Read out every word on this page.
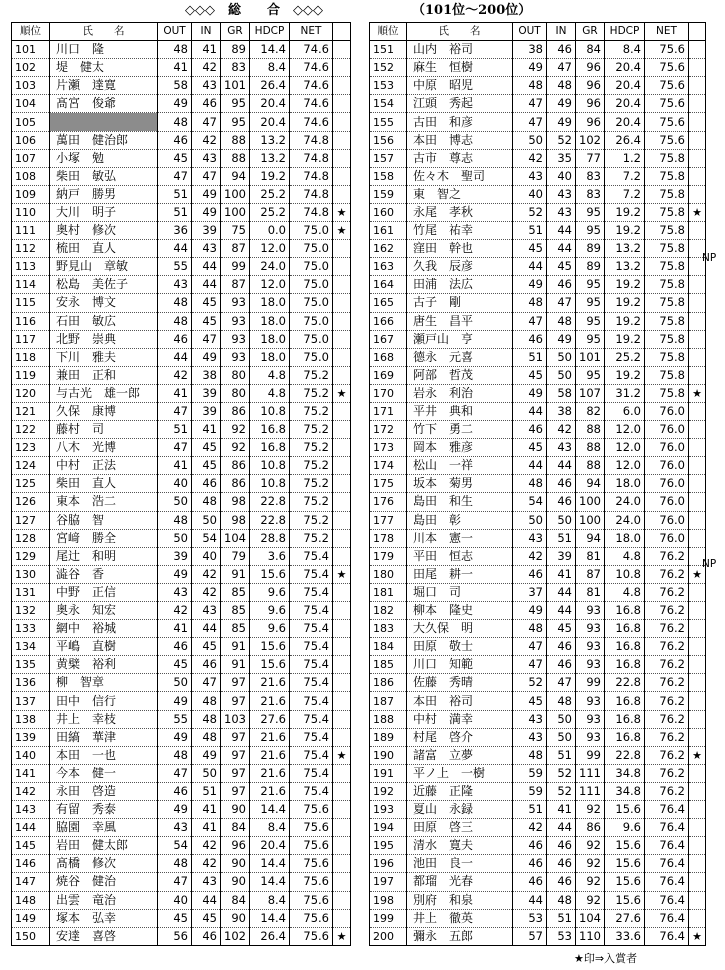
◇◇◇　総　　合　◇◇◇	（101位～200位）
順位	氏　　名	OUT	IN	GR	HDCP	NET	
101	川口　隆	48	41	89	14.4	74.6	
102	堤　健太	41	42	83	8.4	74.6	
103	片瀬　達寛	58	43	101	26.4	74.6	
104	髙宮　俊爺	49	46	95	20.4	74.6	
105		48	47	95	20.4	74.6	
106	萬田　健治郎	46	42	88	13.2	74.8	
107	小塚　勉	45	43	88	13.2	74.8	
108	柴田　敏弘	47	47	94	19.2	74.8	
109	納戸　勝男	51	49	100	25.2	74.8	
110	大川　明子	51	49	100	25.2	74.8	★
111	奥村　修次	36	39	75	0.0	75.0	★
112	梳田　直人	44	43	87	12.0	75.0	
113	野見山　章敏	55	44	99	24.0	75.0	
114	松島　美佐子	43	44	87	12.0	75.0	
115	安永　博文	48	45	93	18.0	75.0	
116	石田　敏広	48	45	93	18.0	75.0	
117	北野　崇典	46	47	93	18.0	75.0	
118	下川　雅夫	44	49	93	18.0	75.0	
119	兼田　正和	42	38	80	4.8	75.2	
120	与古光　雄一郎	41	39	80	4.8	75.2	★
121	久保　康博	47	39	86	10.8	75.2	
122	藤村　司	51	41	92	16.8	75.2	
123	八木　光博	47	45	92	16.8	75.2	
124	中村　正法	41	45	86	10.8	75.2	
125	柴田　直人	40	46	86	10.8	75.2	
126	東本　浩二	50	48	98	22.8	75.2	
127	谷脇　智	48	50	98	22.8	75.2	
128	宮﨑　勝全	50	54	104	28.8	75.2	
129	尾辻　和明	39	40	79	3.6	75.4	
130	澁谷　香	49	42	91	15.6	75.4	★
131	中野　正信	43	42	85	9.6	75.4	
132	奥永　知宏	42	43	85	9.6	75.4	
133	網中　裕城	41	44	85	9.6	75.4	
134	平嶋　直樹	46	45	91	15.6	75.4	
135	黄檗　裕利	45	46	91	15.6	75.4	
136	柳　智章	50	47	97	21.6	75.4	
137	田中　信行	49	48	97	21.6	75.4	
138	井上　幸枝	55	48	103	27.6	75.4	
139	田縞　華津	49	48	97	21.6	75.4	
140	本田　一也	48	49	97	21.6	75.4	★
141	今本　健一	47	50	97	21.6	75.4	
142	永田　啓造	46	51	97	21.6	75.4	
143	有留　秀泰	49	41	90	14.4	75.6	
144	脇園　幸風	43	41	84	8.4	75.6	
145	岩田　健太郎	54	42	96	20.4	75.6	
146	髙橋　修次	48	42	90	14.4	75.6	
147	焼谷　健治	47	43	90	14.4	75.6	
148	出雲　竜治	40	44	84	8.4	75.6	
149	塚本　弘幸	45	45	90	14.4	75.6	
150	安達　喜啓	56	46	102	26.4	75.6	★
順位	氏　　名	OUT	IN	GR	HDCP	NET	
151	山内　裕司	38	46	84	8.4	75.6	
152	麻生　恒樹	49	47	96	20.4	75.6	
153	中原　昭児	48	48	96	20.4	75.6	
154	江頭　秀起	47	49	96	20.4	75.6	
155	古田　和彦	47	49	96	20.4	75.6	
156	本田　博志	50	52	102	26.4	75.6	
157	古市　尊志	42	35	77	1.2	75.8	
158	佐々木　聖司	43	40	83	7.2	75.8	
159	東　智之	40	43	83	7.2	75.8	
160	永尾　孝秋	52	43	95	19.2	75.8	★
161	竹尾　祐幸	51	44	95	19.2	75.8	
162	窪田　幹也	45	44	89	13.2	75.8	
163	久我　辰彦	44	45	89	13.2	75.8	
164	田浦　法広	49	46	95	19.2	75.8	
165	古子　剛	48	47	95	19.2	75.8	
166	唐生　昌平	47	48	95	19.2	75.8	
167	瀬戸山　亨	46	49	95	19.2	75.8	
168	德永　元喜	51	50	101	25.2	75.8	
169	阿部　哲茂	45	50	95	19.2	75.8	
170	岩永　利治	49	58	107	31.2	75.8	★
171	平井　典和	44	38	82	6.0	76.0	
172	竹下　勇二	46	42	88	12.0	76.0	
173	岡本　雅彦	45	43	88	12.0	76.0	
174	松山　一祥	44	44	88	12.0	76.0	
175	坂本　菊男	48	46	94	18.0	76.0	
176	島田　和生	54	46	100	24.0	76.0	
177	島田　彰	50	50	100	24.0	76.0	
178	川本　憲一	43	51	94	18.0	76.0	
179	平田　恒志	42	39	81	4.8	76.2	
180	田尾　耕一	46	41	87	10.8	76.2	★
181	堀口　司	37	44	81	4.8	76.2	
182	柳本　隆史	49	44	93	16.8	76.2	
183	大久保　明	48	45	93	16.8	76.2	
184	田原　敬士	47	46	93	16.8	76.2	
185	川口　知範	47	46	93	16.8	76.2	
186	佐藤　秀晴	52	47	99	22.8	76.2	
187	本田　裕司	45	48	93	16.8	76.2	
188	中村　満幸	43	50	93	16.8	76.2	
189	村尾　啓介	43	50	93	16.8	76.2	
190	諸富　立夢	48	51	99	22.8	76.2	★
191	平ノ上　一樹	59	52	111	34.8	76.2	
192	近藤　正隆	59	52	111	34.8	76.2	
193	夏山　永録	51	41	92	15.6	76.4	
194	田原　啓三	42	44	86	9.6	76.4	
195	清水　寛夫	46	46	92	15.6	76.4	
196	池田　良一	46	46	92	15.6	76.4	
197	都瑠　光春	46	46	92	15.6	76.4	
198	別府　和泉	44	48	92	15.6	76.4	
199	井上　徹英	53	51	104	27.6	76.4	
200	彌永　五郎	57	53	110	33.6	76.4	★
NP
NP
★印⇒入賞者
